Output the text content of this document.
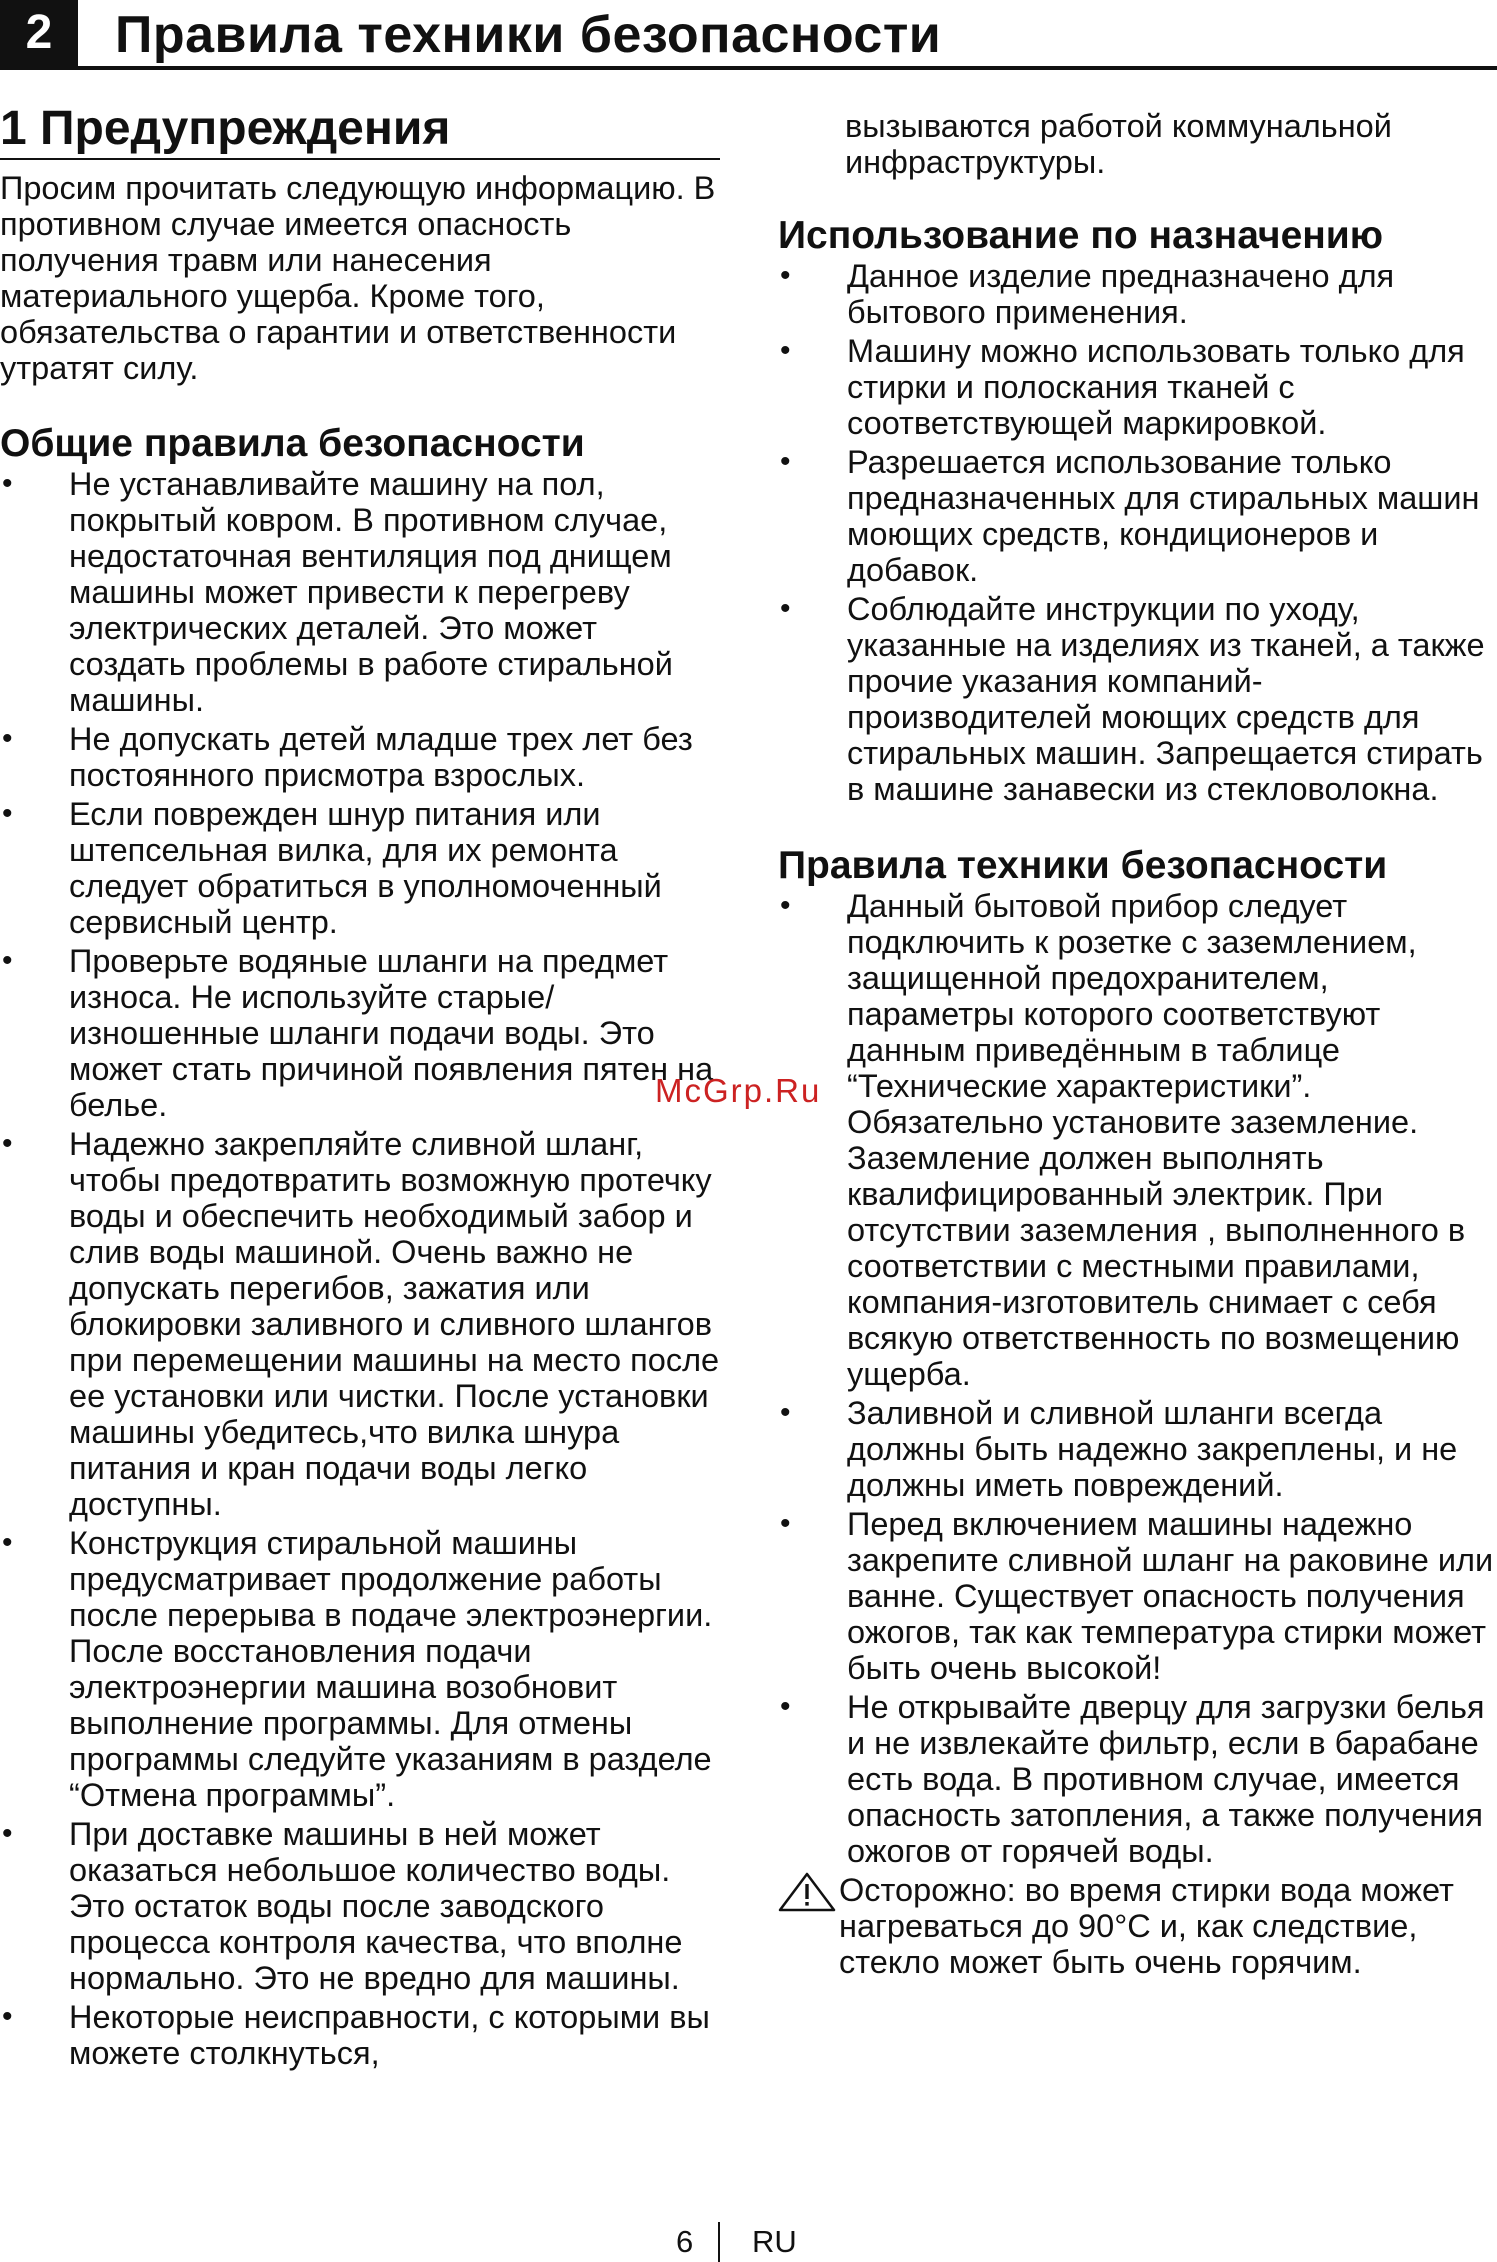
2	Правила техники безопасности
1 Предупреждения

Просим прочитать следующую информацию. В противном случае имеется опасность получения травм или нанесения материального ущерба. Кроме того, обязательства о гарантии и ответственности утратят силу.

Общие правила безопасности
• Не устанавливайте машину на пол, покрытый ковром. В противном случае, недостаточная вентиляция под днищем машины может привести к перегреву электрических деталей. Это может создать проблемы в работе стиральной машины.
• Не допускать детей младше трех лет без постоянного присмотра взрослых.
• Если поврежден шнур питания или штепсельная вилка, для их ремонта следует обратиться в уполномоченный сервисный центр.
• Проверьте водяные шланги на предмет износа. Не используйте старые/изношенные шланги подачи воды. Это может стать причиной появления пятен на белье.
• Надежно закрепляйте сливной шланг, чтобы предотвратить возможную протечку воды и обеспечить необходимый забор и слив воды машиной. Очень важно не допускать перегибов, зажатия или блокировки заливного и сливного шлангов при перемещении машины на место после ее установки или чистки. После установки машины убедитесь,что вилка шнура питания и кран подачи воды легко доступны.
• Конструкция стиральной машины предусматривает продолжение работы после перерыва в подаче электроэнергии. После восстановления подачи электроэнергии машина возобновит выполнение программы. Для отмены программы следуйте указаниям в разделе “Отмена программы”.
• При доставке машины в ней может оказаться небольшое количество воды. Это остаток воды после заводского процесса контроля качества, что вполне нормально. Это не вредно для машины.
• Некоторые неисправности, с которыми вы можете столкнуться,
вызываются работой коммунальной инфраструктуры.
Использование по назначению
• Данное изделие предназначено для бытового применения.
• Машину можно использовать только для стирки и полоскания тканей с соответствующей маркировкой.
• Разрешается использование только предназначенных для стиральных машин моющих средств, кондиционеров и добавок.
• Соблюдайте инструкции по уходу, указанные на изделиях из тканей, а также прочие указания компаний-производителей моющих средств для стиральных машин. Запрещается стирать в машине занавески из стекловолокна.
Правила техники безопасности
• Данный бытовой прибор следует подключить к розетке с заземлением, защищенной предохранителем, параметры которого соответствуют данным приведённым в таблице “Технические характеристики”. Обязательно установите заземление. Заземление должен выполнять квалифицированный электрик. При отсутствии заземления , выполненного в соответствии с местными правилами, компания-изготовитель снимает с себя всякую ответственность по возмещению ущерба.
• Заливной и сливной шланги всегда должны быть надежно закреплены, и не должны иметь повреждений.
• Перед включением машины надежно закрепите сливной шланг на раковине или ванне. Существует опасность получения ожогов, так как температура стирки может быть очень высокой!
• Не открывайте дверцу для загрузки белья и не извлекайте фильтр, если в барабане есть вода. В противном случае, имеется опасность затопления, а также получения ожогов от горячей воды.
Осторожно: во время стирки вода может нагреваться до 90°С и, как следствие, стекло может быть очень горячим.
McGrp.Ru
6 RU
